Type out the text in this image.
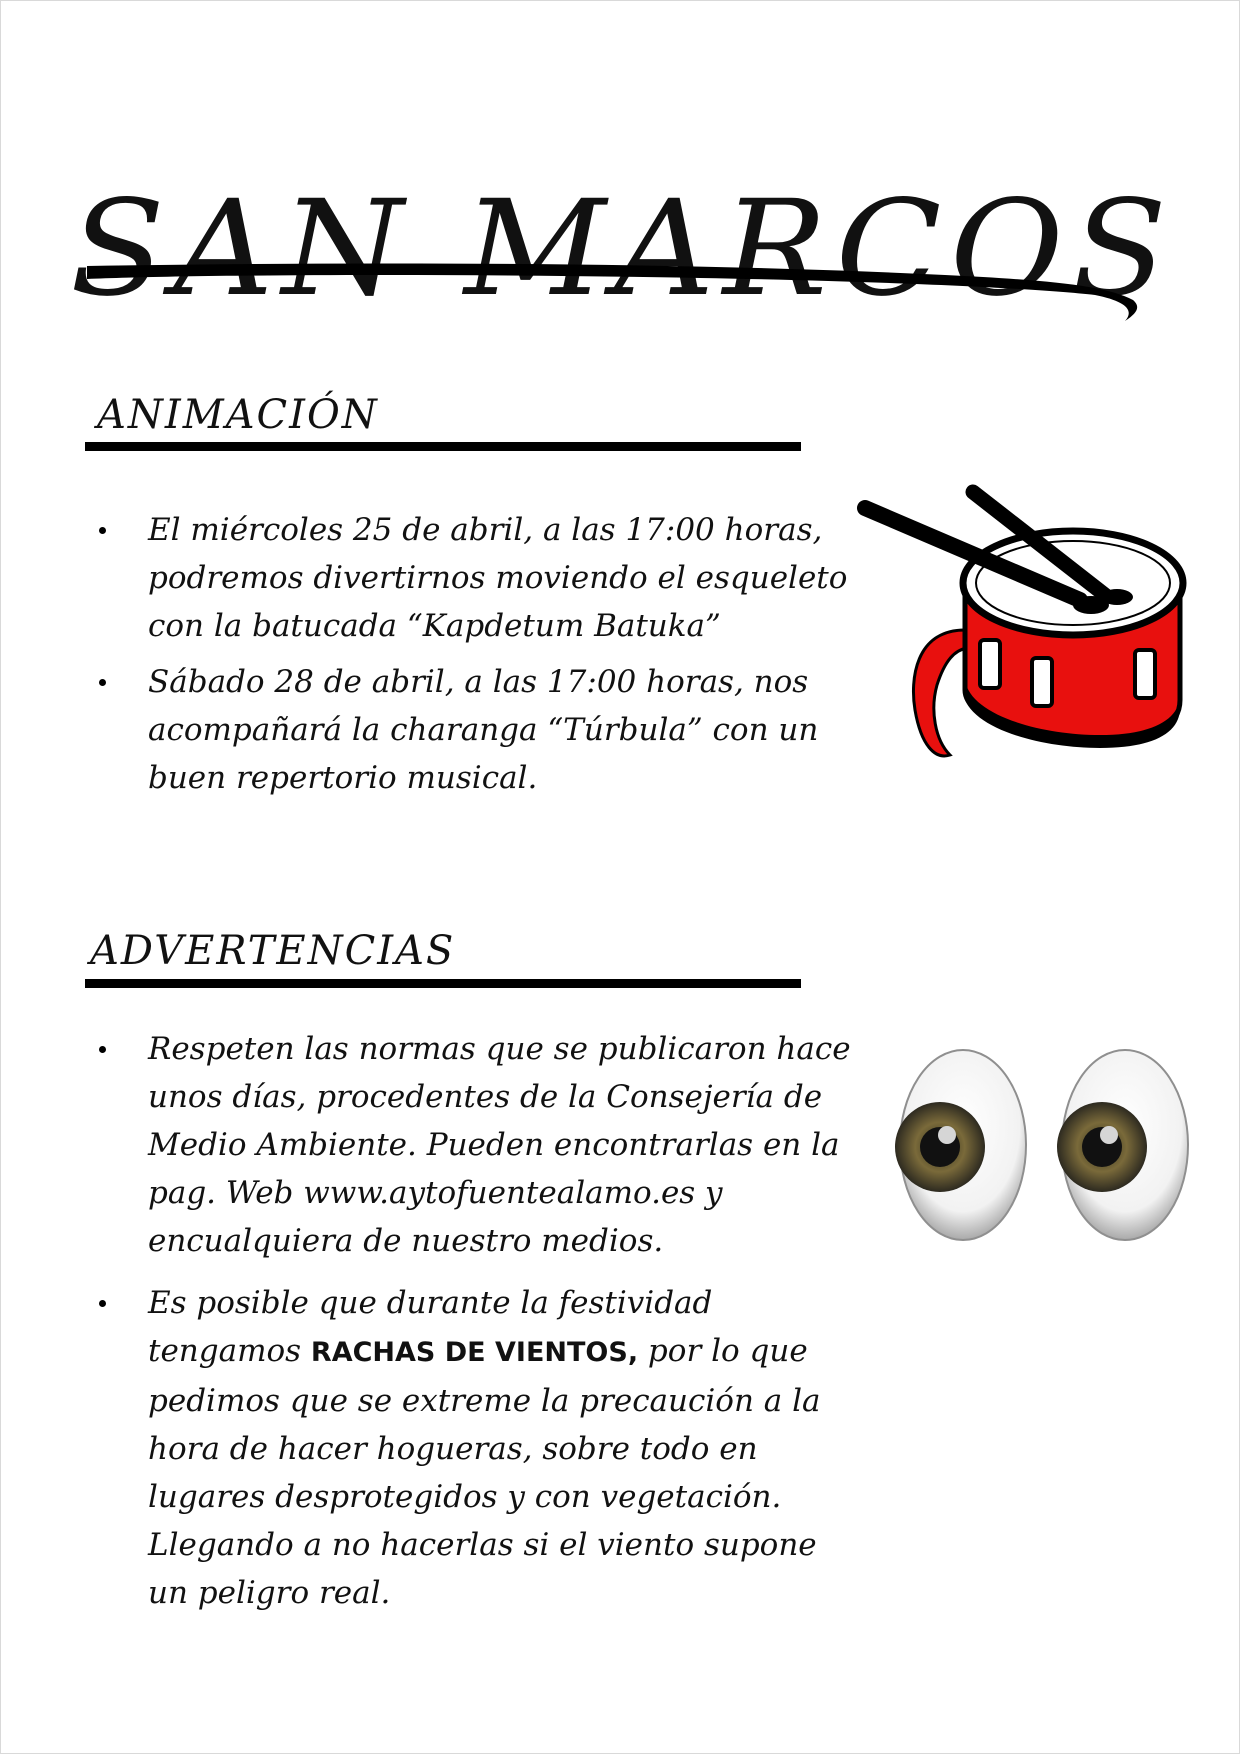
SAN MARCOS
ANIMACIÓN
El miércoles 25 de abril, a las 17:00 horas, podremos divertirnos moviendo el esqueleto con la batucada “Kapdetum Batuka”
Sábado 28 de abril, a las 17:00 horas, nos acompañará la charanga “Túrbula” con un buen repertorio musical.
ADVERTENCIAS
Respeten las normas que se publicaron hace unos días, procedentes de la Consejería de Medio Ambiente. Pueden encontrarlas en la pag. Web www.aytofuentealamo.es y encualquiera de nuestro medios.
Es posible que durante la festividad tengamos RACHAS DE VIENTOS, por lo que pedimos que se extreme la precaución a la hora de hacer hogueras, sobre todo en lugares desprotegidos y con vegetación. Llegando a no hacerlas si el viento supone un peligro real.
